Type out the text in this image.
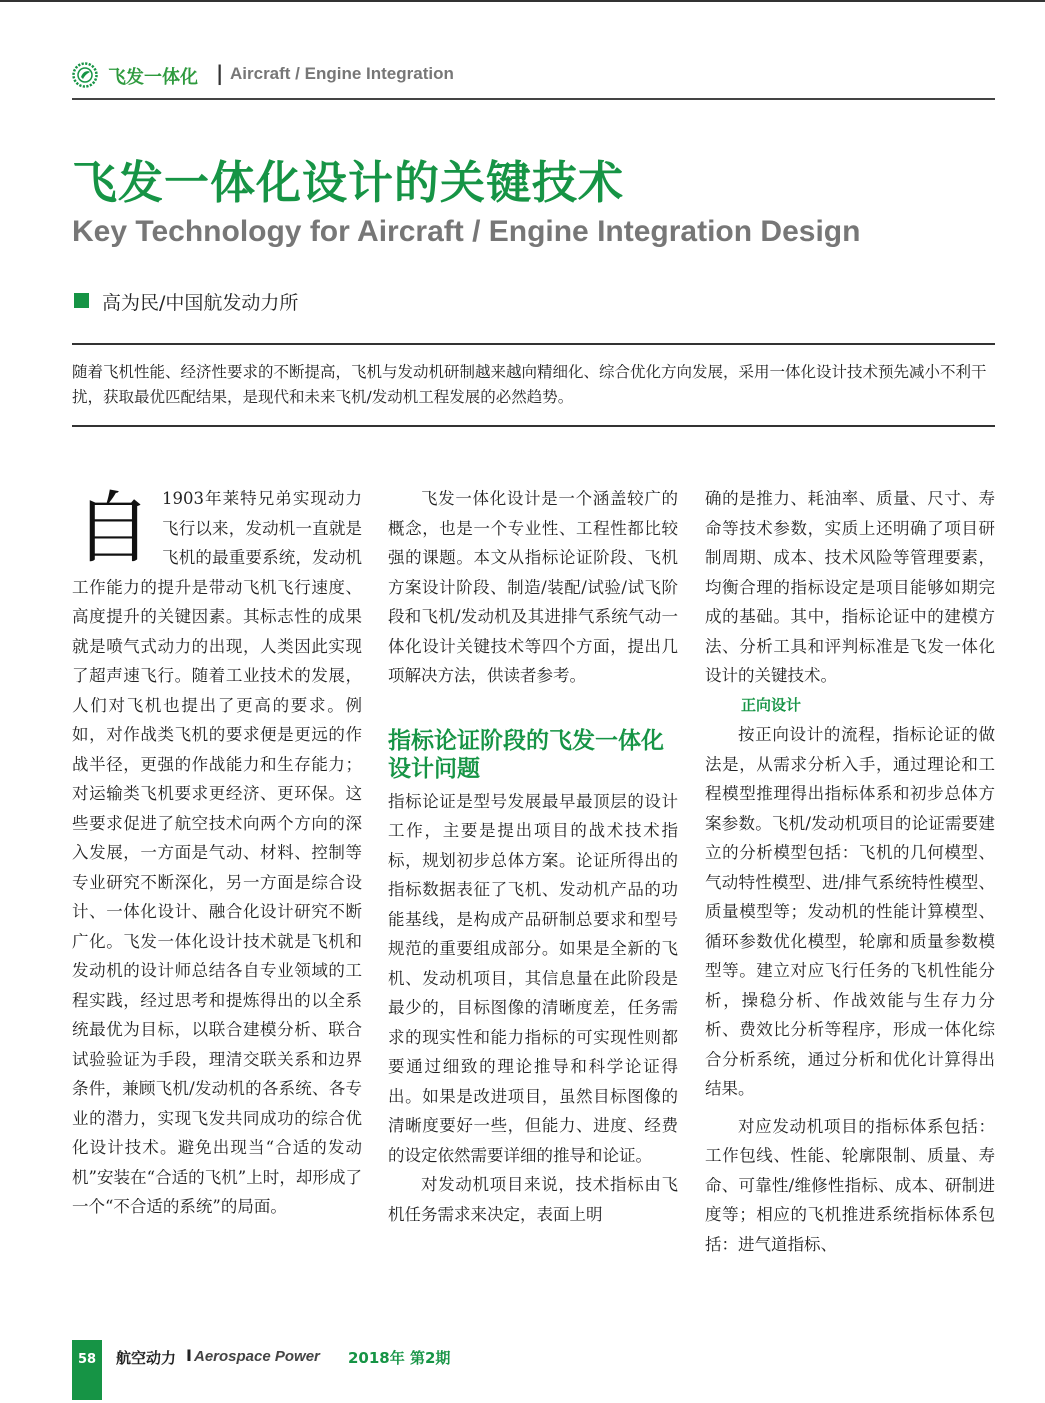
飞发一体化 | Aircraft / Engine Integration
飞发一体化设计的关键技术
Key Technology for Aircraft / Engine Integration Design
高为民/中国航发动力所

随着飞机性能、经济性要求的不断提高，飞机与发动机研制越来越向精细化、综合优化方向发展，采用一体化设计技术预先减小不利干扰，获取最优匹配结果，是现代和未来飞机/发动机工程发展的必然趋势。

自 1903年莱特兄弟实现动力飞行以来，发动机一直就是飞机的最重要系统，发动机工作能力的提升是带动飞机飞行速度、高度提升的关键因素。其标志性的成果就是喷气式动力的出现，人类因此实现了超声速飞行。随着工业技术的发展，人们对飞机也提出了更高的要求。例如，对作战类飞机的要求便是更远的作战半径，更强的作战能力和生存能力；对运输类飞机要求更经济、更环保。这些要求促进了航空技术向两个方向的深入发展，一方面是气动、材料、控制等专业研究不断深化，另一方面是综合设计、一体化设计、融合化设计研究不断广化。飞发一体化设计技术就是飞机和发动机的设计师总结各自专业领域的工程实践，经过思考和提炼得出的以全系统最优为目标，以联合建模分析、联合试验验证为手段，理清交联关系和边界条件，兼顾飞机/发动机的各系统、各专业的潜力，实现飞发共同成功的综合优化设计技术。避免出现当“合适的发动机”安装在“合适的飞机”上时，却形成了一个“不合适的系统”的局面。

飞发一体化设计是一个涵盖较广的概念，也是一个专业性、工程性都比较强的课题。本文从指标论证阶段、飞机方案设计阶段、制造/装配/试验/试飞阶段和飞机/发动机及其进排气系统气动一体化设计关键技术等四个方面，提出几项解决方法，供读者参考。

指标论证阶段的飞发一体化设计问题

指标论证是型号发展最早最顶层的设计工作，主要是提出项目的战术技术指标，规划初步总体方案。论证所得出的指标数据表征了飞机、发动机产品的功能基线，是构成产品研制总要求和型号规范的重要组成部分。如果是全新的飞机、发动机项目，其信息量在此阶段是最少的，目标图像的清晰度差，任务需求的现实性和能力指标的可实现性则都要通过细致的理论推导和科学论证得出。如果是改进项目，虽然目标图像的清晰度要好一些，但能力、进度、经费的设定依然需要详细的推导和论证。

对发动机项目来说，技术指标由飞机任务需求来决定，表面上明

确的是推力、耗油率、质量、尺寸、寿命等技术参数，实质上还明确了项目研制周期、成本、技术风险等管理要素，均衡合理的指标设定是项目能够如期完成的基础。其中，指标论证中的建模方法、分析工具和评判标准是飞发一体化设计的关键技术。

正向设计

按正向设计的流程，指标论证的做法是，从需求分析入手，通过理论和工程模型推理得出指标体系和初步总体方案参数。飞机/发动机项目的论证需要建立的分析模型包括：飞机的几何模型、气动特性模型、进/排气系统特性模型、质量模型等；发动机的性能计算模型、循环参数优化模型，轮廓和质量参数模型等。建立对应飞行任务的飞机性能分析，操稳分析、作战效能与生存力分析、费效比分析等程序，形成一体化综合分析系统，通过分析和优化计算得出结果。

对应发动机项目的指标体系包括：工作包线、性能、轮廓限制、质量、寿命、可靠性/维修性指标、成本、研制进度等；相应的飞机推进系统指标体系包括：进气道指标、

58	航空动力 I Aerospace Power 2018年 第2期
